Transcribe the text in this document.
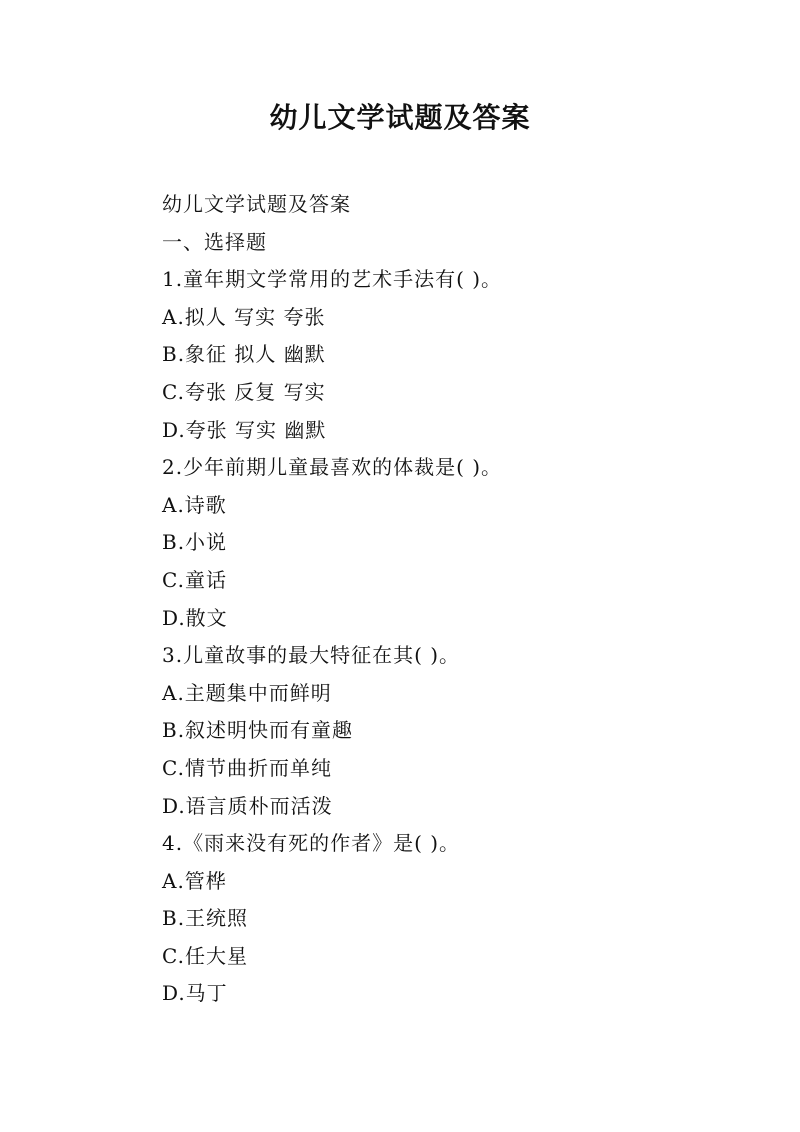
幼儿文学试题及答案
幼儿文学试题及答案
一、选择题
1.童年期文学常用的艺术手法有( )。
A.拟人 写实 夸张
B.象征 拟人 幽默
C.夸张 反复 写实
D.夸张 写实 幽默
2.少年前期儿童最喜欢的体裁是( )。
A.诗歌
B.小说
C.童话
D.散文
3.儿童故事的最大特征在其( )。
A.主题集中而鲜明
B.叙述明快而有童趣
C.情节曲折而单纯
D.语言质朴而活泼
4.《雨来没有死的作者》是( )。
A.管桦
B.王统照
C.任大星
D.马丁
